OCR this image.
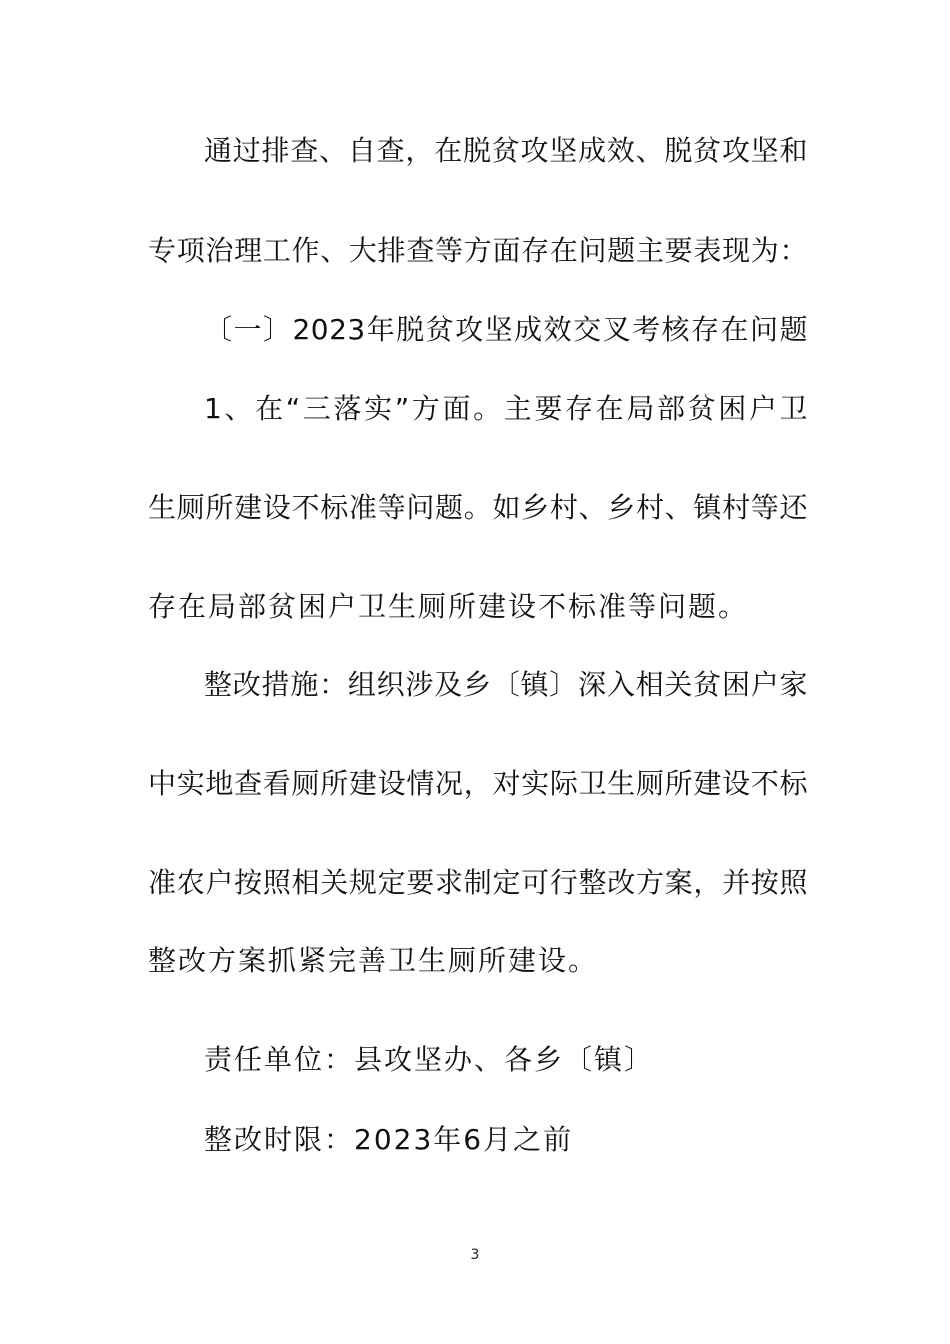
通过排查、自查，在脱贫攻坚成效、脱贫攻坚和
专项治理工作、大排查等方面存在问题主要表现为：
〔一〕2023年脱贫攻坚成效交叉考核存在问题
1、在“三落实”方面。主要存在局部贫困户卫
生厕所建设不标准等问题。如乡村、乡村、镇村等还
存在局部贫困户卫生厕所建设不标准等问题。
整改措施：组织涉及乡〔镇〕深入相关贫困户家
中实地查看厕所建设情况，对实际卫生厕所建设不标
准农户按照相关规定要求制定可行整改方案，并按照
整改方案抓紧完善卫生厕所建设。
责任单位：县攻坚办、各乡〔镇〕
整改时限：2023年6月之前
3
